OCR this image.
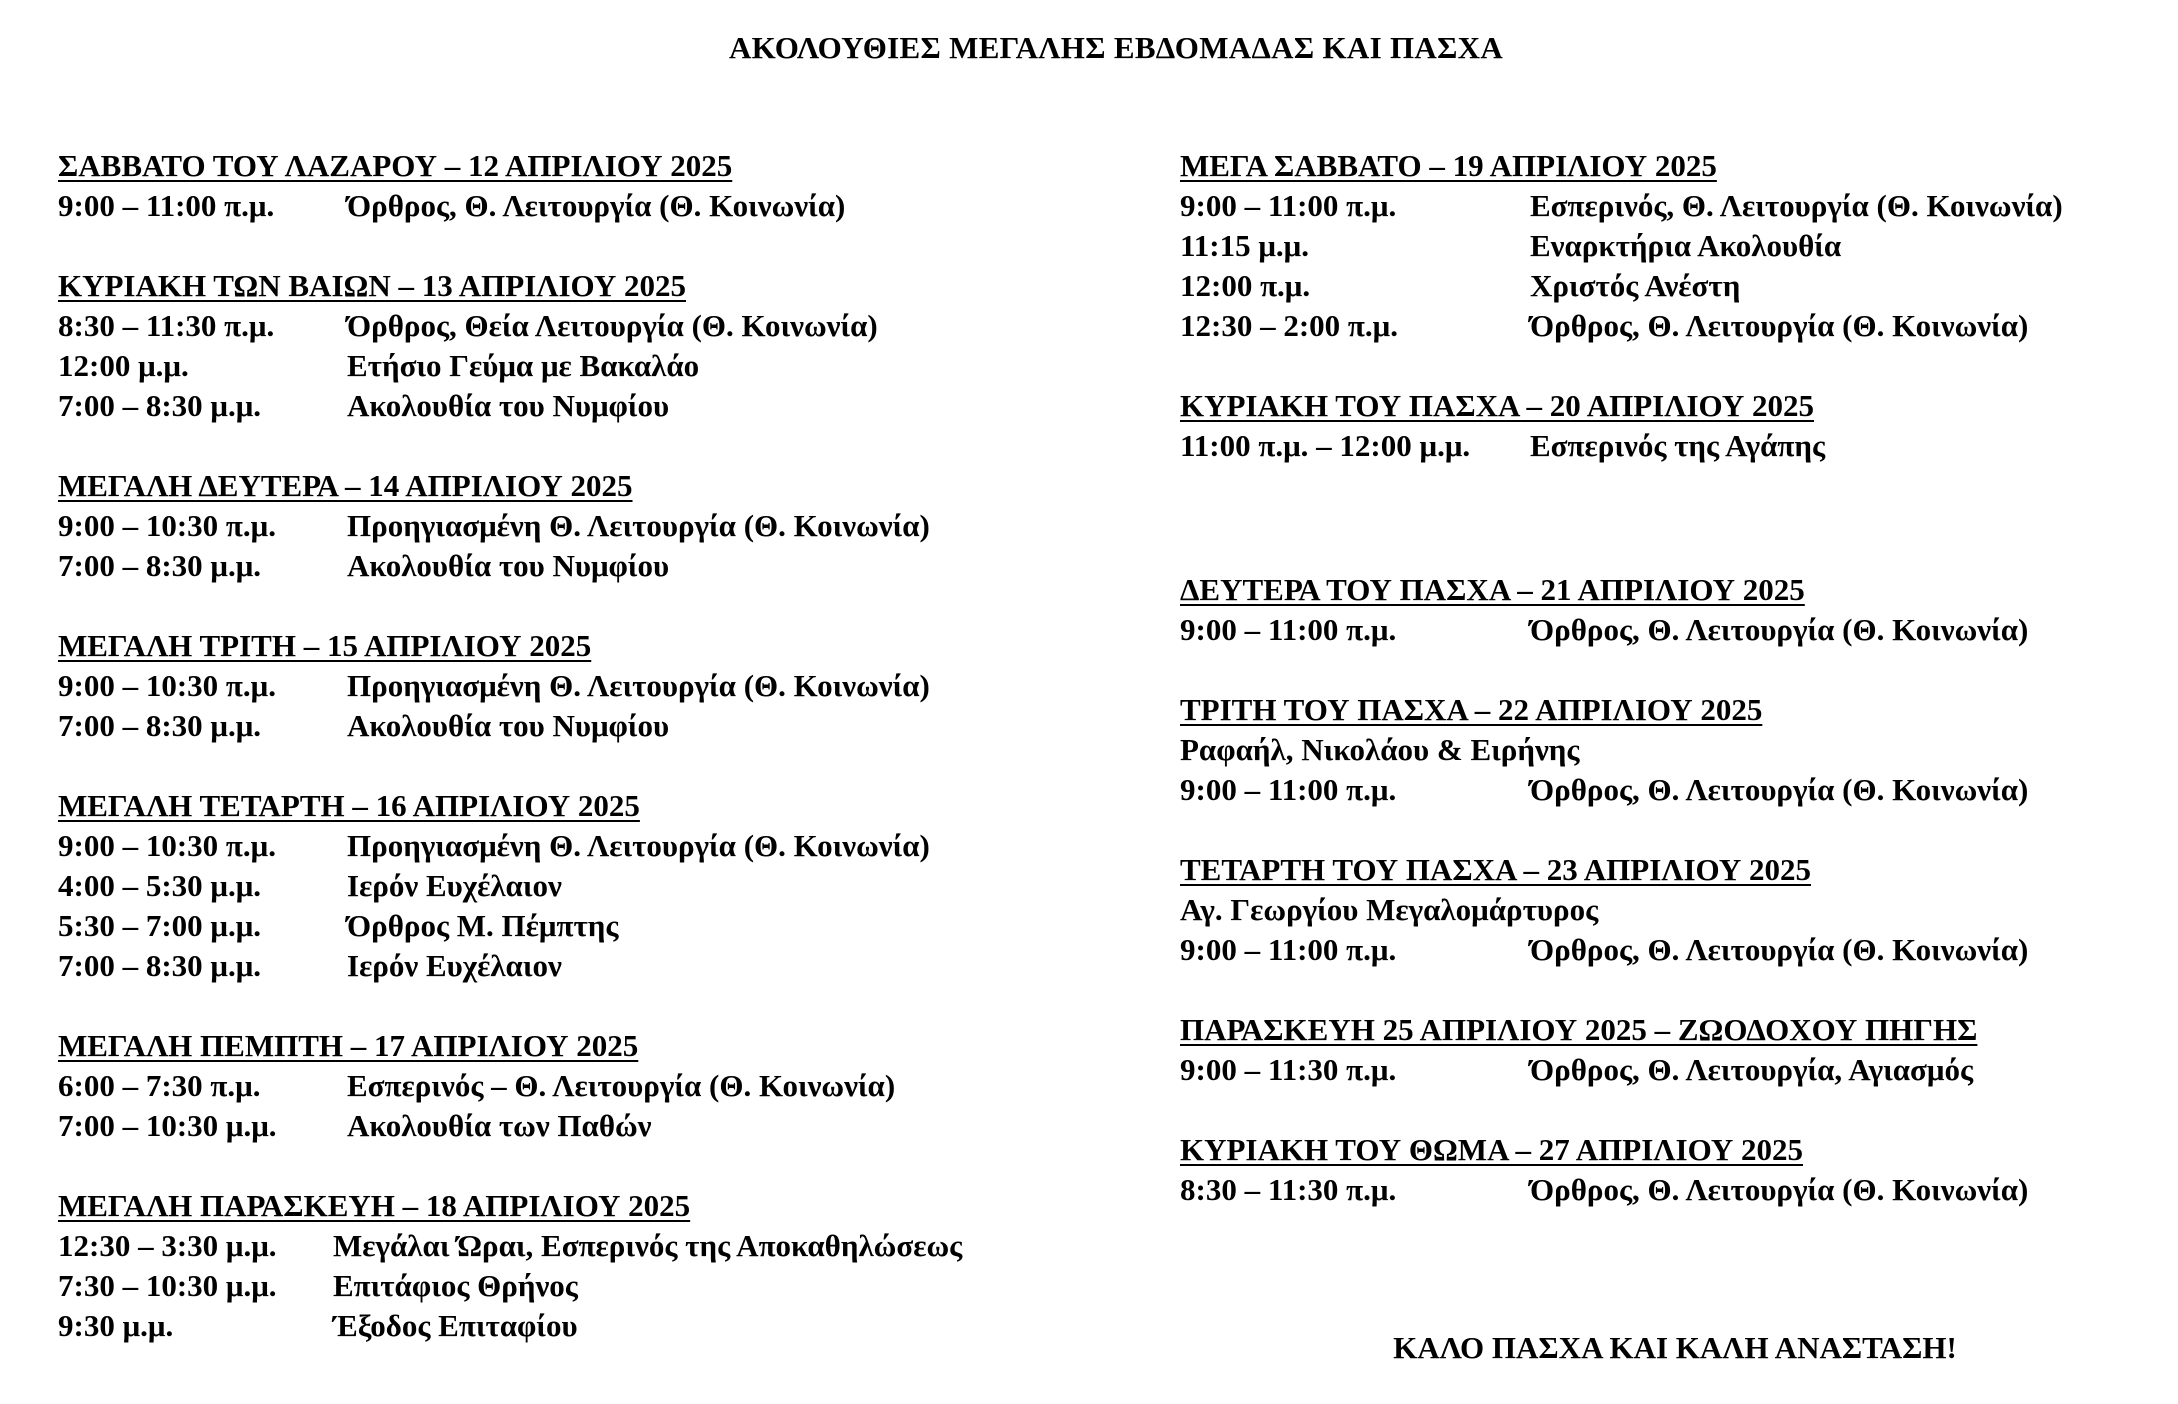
ΑΚΟΛΟΥΘΙΕΣ ΜΕΓΑΛΗΣ ΕΒΔΟΜΑΔΑΣ ΚΑΙ ΠΑΣΧΑ
ΣΑΒΒΑΤΟ ΤΟΥ ΛΑΖΑΡΟΥ – 12 ΑΠΡΙΛΙΟΥ 2025
9:00 – 11:00 π.μ.	Όρθρος, Θ. Λειτουργία (Θ. Κοινωνία)
ΚΥΡΙΑΚΗ ΤΩΝ ΒΑΙΩΝ – 13 ΑΠΡΙΛΙΟΥ 2025
8:30 – 11:30 π.μ.	Όρθρος, Θεία Λειτουργία (Θ. Κοινωνία)
12:00 μ.μ.	Ετήσιο Γεύμα με Βακαλάο
7:00 – 8:30 μ.μ.	Ακολουθία του Νυμφίου
ΜΕΓΑΛΗ ΔΕΥΤΕΡΑ – 14 ΑΠΡΙΛΙΟΥ 2025
9:00 – 10:30 π.μ.	Προηγιασμένη Θ. Λειτουργία (Θ. Κοινωνία)
7:00 – 8:30 μ.μ.	Ακολουθία του Νυμφίου
ΜΕΓΑΛΗ ΤΡΙΤΗ – 15 ΑΠΡΙΛΙΟΥ 2025
9:00 – 10:30 π.μ.	Προηγιασμένη Θ. Λειτουργία (Θ. Κοινωνία)
7:00 – 8:30 μ.μ.	Ακολουθία του Νυμφίου
ΜΕΓΑΛΗ ΤΕΤΑΡΤΗ – 16 ΑΠΡΙΛΙΟΥ 2025
9:00 – 10:30 π.μ.	Προηγιασμένη Θ. Λειτουργία (Θ. Κοινωνία)
4:00 – 5:30 μ.μ.	Ιερόν Ευχέλαιον
5:30 – 7:00 μ.μ.	Όρθρος Μ. Πέμπτης
7:00 – 8:30 μ.μ.	Ιερόν Ευχέλαιον
ΜΕΓΑΛΗ ΠΕΜΠΤΗ – 17 ΑΠΡΙΛΙΟΥ 2025
6:00 – 7:30 π.μ.	Εσπερινός – Θ. Λειτουργία (Θ. Κοινωνία)
7:00 – 10:30 μ.μ.	Ακολουθία των Παθών
ΜΕΓΑΛΗ ΠΑΡΑΣΚΕΥΗ – 18 ΑΠΡΙΛΙΟΥ 2025
12:30 – 3:30 μ.μ.	Μεγάλαι Ώραι, Εσπερινός της Αποκαθηλώσεως
7:30 – 10:30 μ.μ.	Επιτάφιος Θρήνος
9:30 μ.μ.	Έξοδος Επιταφίου
ΜΕΓΑ ΣΑΒΒΑΤΟ – 19 ΑΠΡΙΛΙΟΥ 2025
9:00 – 11:00 π.μ.	Εσπερινός, Θ. Λειτουργία (Θ. Κοινωνία)
11:15 μ.μ.	Εναρκτήρια Ακολουθία
12:00 π.μ.	Χριστός Ανέστη
12:30 – 2:00 π.μ.	Όρθρος, Θ. Λειτουργία (Θ. Κοινωνία)
ΚΥΡΙΑΚΗ ΤΟΥ ΠΑΣΧΑ – 20 ΑΠΡΙΛΙΟΥ 2025
11:00 π.μ. – 12:00 μ.μ.	Εσπερινός της Αγάπης
ΔΕΥΤΕΡΑ ΤΟΥ ΠΑΣΧΑ – 21 ΑΠΡΙΛΙΟΥ 2025
9:00 – 11:00 π.μ.	Όρθρος, Θ. Λειτουργία (Θ. Κοινωνία)
ΤΡΙΤΗ ΤΟΥ ΠΑΣΧΑ – 22 ΑΠΡΙΛΙΟΥ 2025
Ραφαήλ, Νικολάου & Ειρήνης
9:00 – 11:00 π.μ.	Όρθρος, Θ. Λειτουργία (Θ. Κοινωνία)
ΤΕΤΑΡΤΗ ΤΟΥ ΠΑΣΧΑ – 23 ΑΠΡΙΛΙΟΥ 2025
Αγ. Γεωργίου Μεγαλομάρτυρος
9:00 – 11:00 π.μ.	Όρθρος, Θ. Λειτουργία (Θ. Κοινωνία)
ΠΑΡΑΣΚΕΥΗ 25 ΑΠΡΙΛΙΟΥ 2025 – ΖΩΟΔΟΧΟΥ ΠΗΓΗΣ
9:00 – 11:30 π.μ.	Όρθρος, Θ. Λειτουργία, Αγιασμός
ΚΥΡΙΑΚΗ ΤΟΥ ΘΩΜΑ – 27 ΑΠΡΙΛΙΟΥ 2025
8:30 – 11:30 π.μ.	Όρθρος, Θ. Λειτουργία (Θ. Κοινωνία)
ΚΑΛΟ ΠΑΣΧΑ ΚΑΙ ΚΑΛΗ ΑΝΑΣΤΑΣΗ!
